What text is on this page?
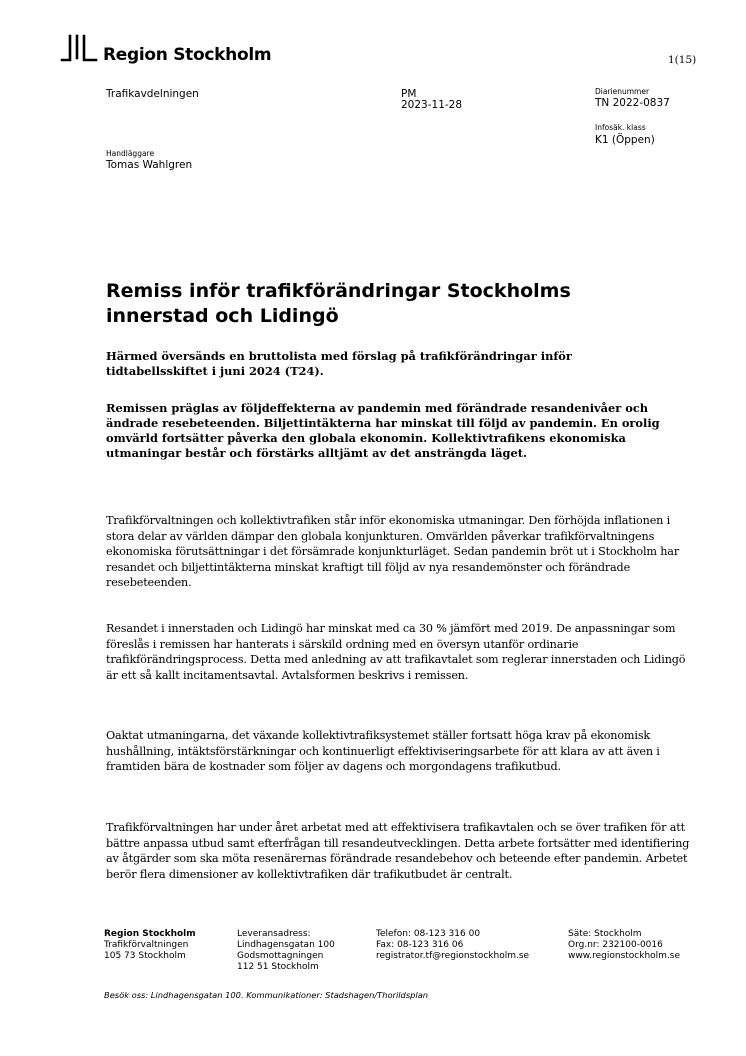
Region Stockholm	1(15)
Trafikavdelningen	PM
2023-11-28
Diarienummer
TN 2022-0837
Infosäk. klass
K1 (Öppen)
Handläggare
Tomas Wahlgren
Remiss inför trafikförändringar Stockholms innerstad och Lidingö
Härmed översänds en bruttolista med förslag på trafikförändringar inför tidtabellsskiftet i juni 2024 (T24).
Remissen präglas av följdeffekterna av pandemin med förändrade resandenivåer och ändrade resebeteenden. Biljettintäkterna har minskat till följd av pandemin. En orolig omvärld fortsätter påverka den globala ekonomin. Kollektivtrafikens ekonomiska utmaningar består och förstärks alltjämt av det ansträngda läget.
Trafikförvaltningen och kollektivtrafiken står inför ekonomiska utmaningar. Den förhöjda inflationen i stora delar av världen dämpar den globala konjunkturen. Omvärlden påverkar trafikförvaltningens ekonomiska förutsättningar i det försämrade konjunkturläget. Sedan pandemin bröt ut i Stockholm har resandet och biljettintäkterna minskat kraftigt till följd av nya resandemönster och förändrade resebeteenden.
Resandet i innerstaden och Lidingö har minskat med ca 30 % jämfört med 2019. De anpassningar som föreslås i remissen har hanterats i särskild ordning med en översyn utanför ordinarie trafikförändringsprocess. Detta med anledning av att trafikavtalet som reglerar innerstaden och Lidingö är ett så kallt incitamentsavtal. Avtalsformen beskrivs i remissen.
Oaktat utmaningarna, det växande kollektivtrafiksystemet ställer fortsatt höga krav på ekonomisk hushållning, intäktsförstärkningar och kontinuerligt effektiviseringsarbete för att klara av att även i framtiden bära de kostnader som följer av dagens och morgondagens trafikutbud.
Trafikförvaltningen har under året arbetat med att effektivisera trafikavtalen och se över trafiken för att bättre anpassa utbud samt efterfrågan till resandeutvecklingen. Detta arbete fortsätter med identifiering av åtgärder som ska möta resenärernas förändrade resandebehov och beteende efter pandemin. Arbetet berör flera dimensioner av kollektivtrafiken där trafikutbudet är centralt.
Region Stockholm
Trafikförvaltningen
105 73 Stockholm
Leveransadress:
Lindhagensgatan 100
Godsmottagningen
112 51 Stockholm
Telefon: 08-123 316 00
Fax: 08-123 316 06
registrator.tf@regionstockholm.se
Säte: Stockholm
Org.nr: 232100-0016
www.regionstockholm.se
Besök oss: Lindhagensgatan 100. Kommunikationer: Stadshagen/Thorildsplan
